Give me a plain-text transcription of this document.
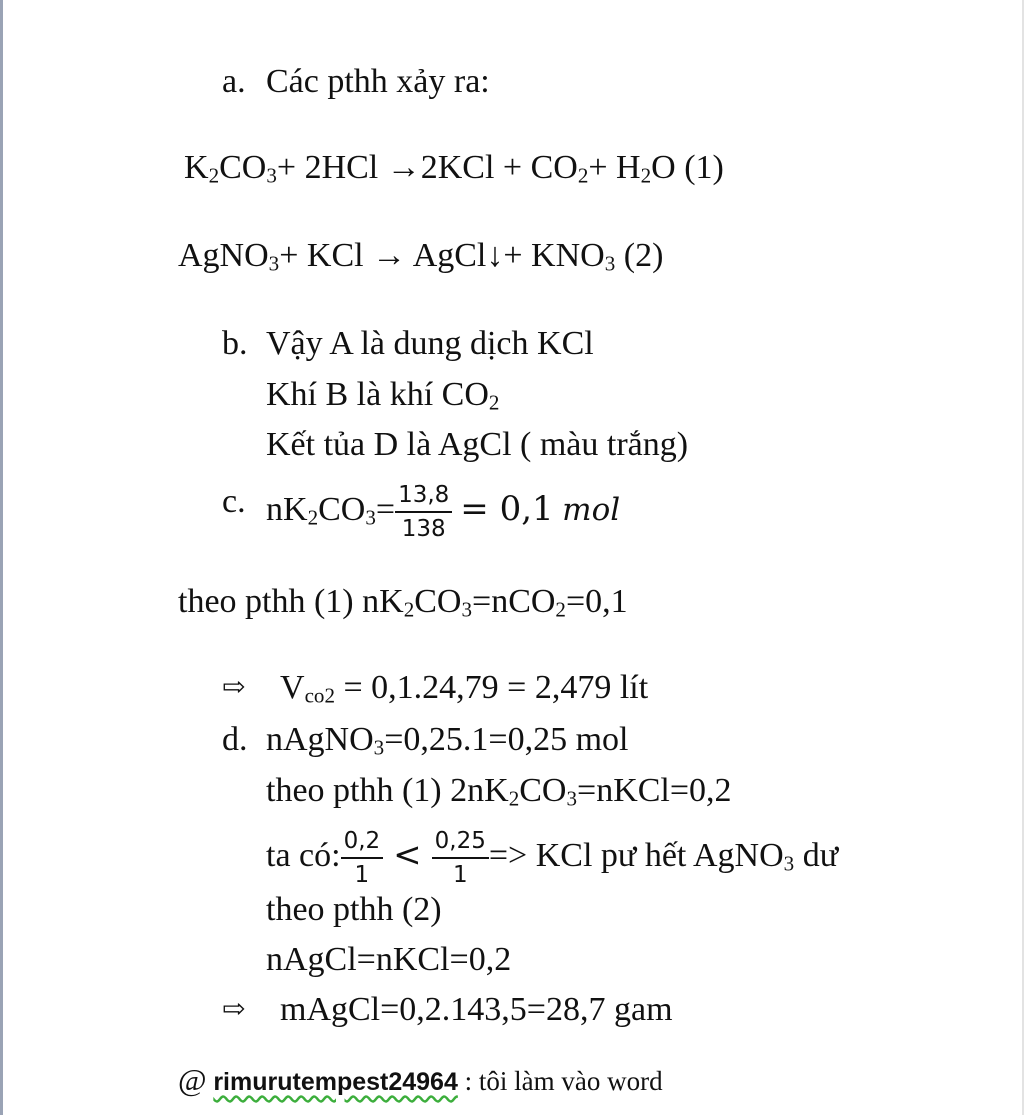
a. Các pthh xảy ra:
$K_2CO_3+ 2HCl \to 2KCl + CO_2+ H_2O$ (1)
AgNO$_3$+ KCl → AgCl↓+ $KNO_3$ (2)
b. Vậy A là dung dịch KCl
Khí B là khí $CO_2$
Kết tủa D là AgCl ( màu trắng)
c. $nK_2CO_3= \frac{13,8}{138} = 0,1$ mol
theo pthh (1) $nK_2CO_3=nCO_2=0,1$
⇨ $V_{co2} = 0,1.24,79 = 2,479$ lít
d. nAgNO$_3$=0,25.1=0,25 mol
theo pthh (1) $2nK_2CO_3=nKCl=0,2$
ta có: $\frac{0,2}{1} < \frac{0,25}{1}$ => KCl pư hết AgNO$_3$ dư
theo pthh (2)
nAgCl=nKCl=0,2
⇨ mAgCl=0,2.143,5=28,7 gam
@ rimurutempest24964 : tôi làm vào word
